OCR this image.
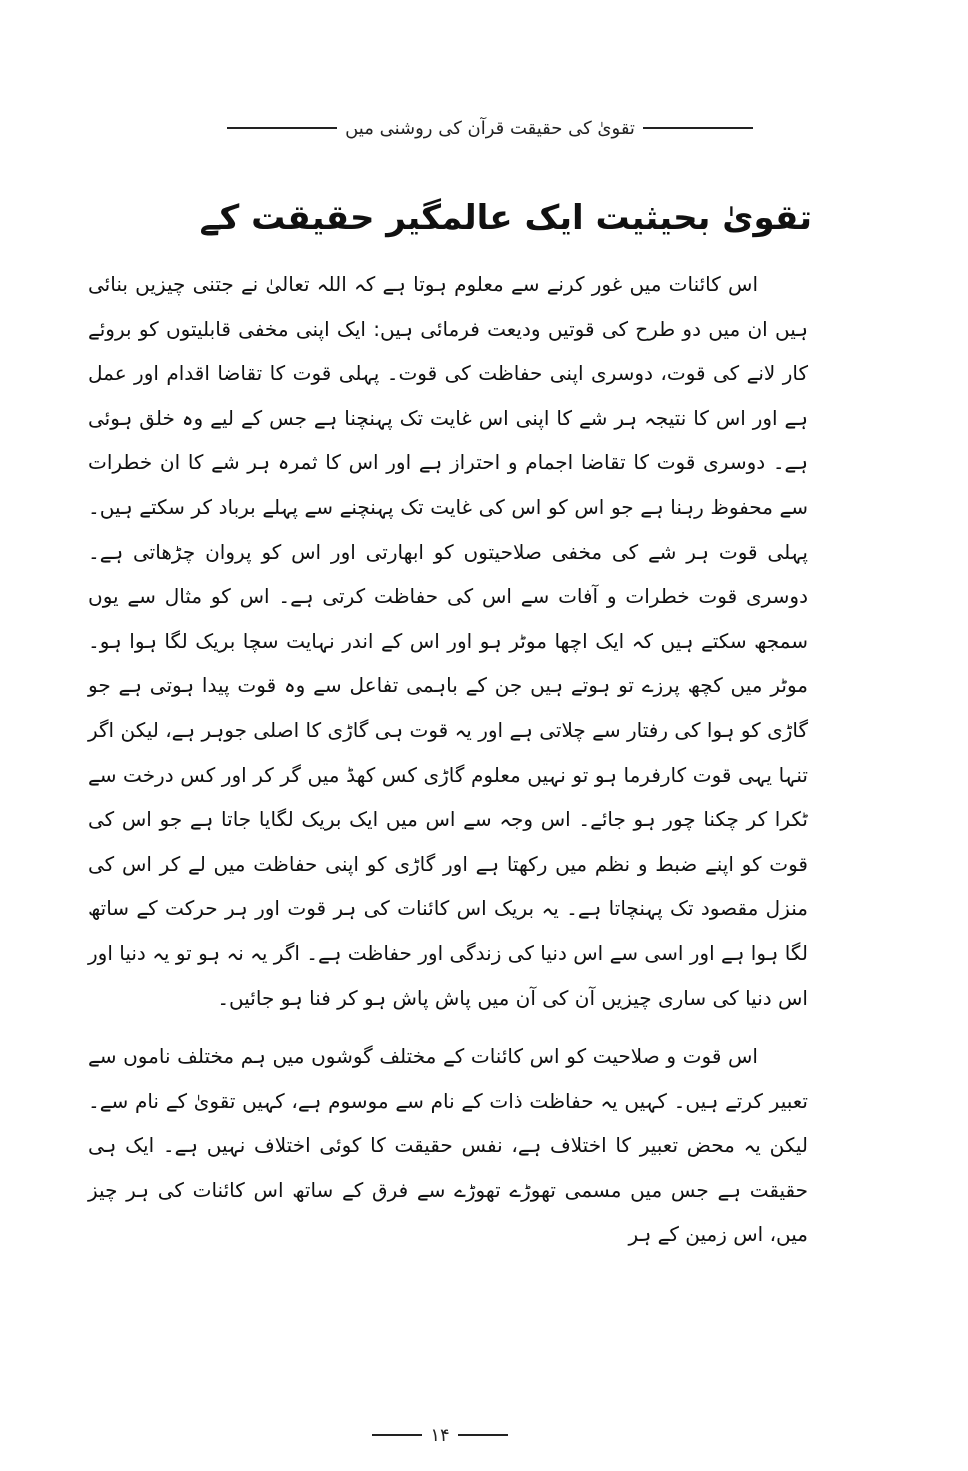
تقویٰ کی حقیقت قرآن کی روشنی میں
تقویٰ بحیثیت ایک عالمگیر حقیقت کے

اس کائنات میں غور کرنے سے معلوم ہوتا ہے کہ اللہ تعالیٰ نے جتنی چیزیں بنائی ہیں ان میں دو طرح کی قوتیں ودیعت فرمائی ہیں: ایک اپنی مخفی قابلیتوں کو بروئے کار لانے کی قوت، دوسری اپنی حفاظت کی قوت۔ پہلی قوت کا تقاضا اقدام اور عمل ہے اور اس کا نتیجہ ہر شے کا اپنی اس غایت تک پہنچنا ہے جس کے لیے وہ خلق ہوئی ہے۔ دوسری قوت کا تقاضا اجمام و احتراز ہے اور اس کا ثمرہ ہر شے کا ان خطرات سے محفوظ رہنا ہے جو اس کو اس کی غایت تک پہنچنے سے پہلے برباد کر سکتے ہیں۔ پہلی قوت ہر شے کی مخفی صلاحیتوں کو ابھارتی اور اس کو پروان چڑھاتی ہے۔ دوسری قوت خطرات و آفات سے اس کی حفاظت کرتی ہے۔ اس کو مثال سے یوں سمجھ سکتے ہیں کہ ایک اچھا موٹر ہو اور اس کے اندر نہایت سچا بریک لگا ہوا ہو۔ موٹر میں کچھ پرزے تو ہوتے ہیں جن کے باہمی تفاعل سے وہ قوت پیدا ہوتی ہے جو گاڑی کو ہوا کی رفتار سے چلاتی ہے اور یہ قوت ہی گاڑی کا اصلی جوہر ہے، لیکن اگر تنہا یہی قوت کارفرما ہو تو نہیں معلوم گاڑی کس کھڈ میں گر کر اور کس درخت سے ٹکرا کر چکنا چور ہو جائے۔ اس وجہ سے اس میں ایک بریک لگایا جاتا ہے جو اس کی قوت کو اپنے ضبط و نظم میں رکھتا ہے اور گاڑی کو اپنی حفاظت میں لے کر اس کی منزل مقصود تک پہنچاتا ہے۔ یہ بریک اس کائنات کی ہر قوت اور ہر حرکت کے ساتھ لگا ہوا ہے اور اسی سے اس دنیا کی زندگی اور حفاظت ہے۔ اگر یہ نہ ہو تو یہ دنیا اور اس دنیا کی ساری چیزیں آن کی آن میں پاش پاش ہو کر فنا ہو جائیں۔

اس قوت و صلاحیت کو اس کائنات کے مختلف گوشوں میں ہم مختلف ناموں سے تعبیر کرتے ہیں۔ کہیں یہ حفاظت ذات کے نام سے موسوم ہے، کہیں تقویٰ کے نام سے۔ لیکن یہ محض تعبیر کا اختلاف ہے، نفس حقیقت کا کوئی اختلاف نہیں ہے۔ ایک ہی حقیقت ہے جس میں مسمی تھوڑے تھوڑے سے فرق کے ساتھ اس کائنات کی ہر چیز میں، اس زمین کے ہر

۱۴
